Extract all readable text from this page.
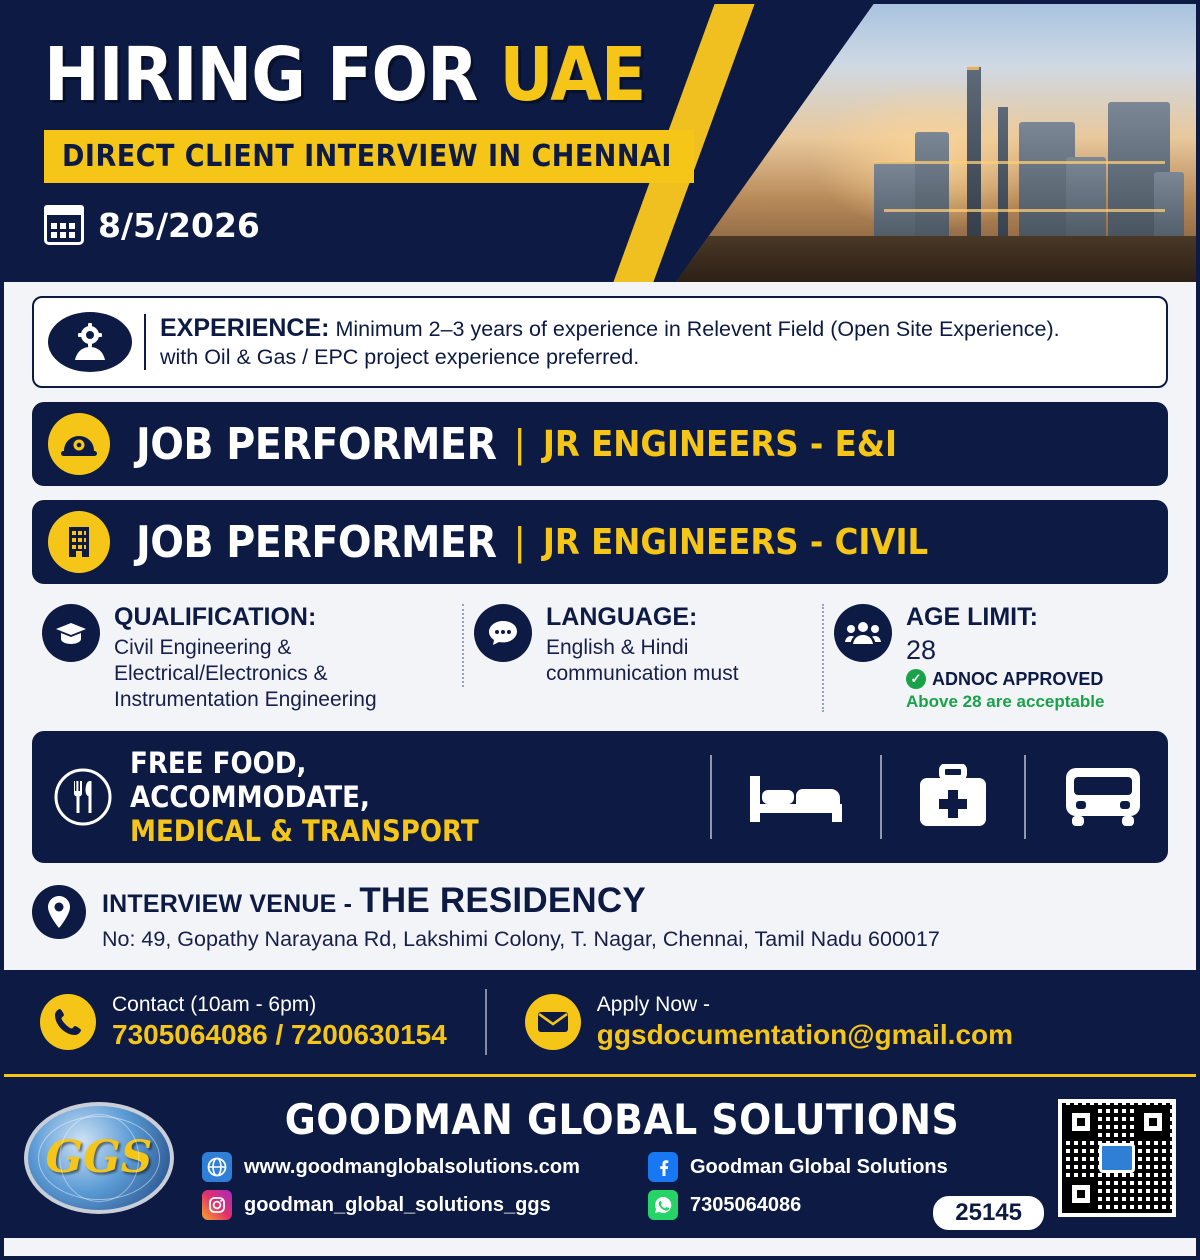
HIRING FOR UAE
DIRECT CLIENT INTERVIEW IN CHENNAI
8/5/2026
EXPERIENCE: Minimum 2–3 years of experience in Relevent Field (Open Site Experience).
with Oil & Gas / EPC project experience preferred.
JOB PERFORMER | JR ENGINEERS - E&I
JOB PERFORMER | JR ENGINEERS - CIVIL
QUALIFICATION:
Civil Engineering & Electrical/Electronics & Instrumentation Engineering
LANGUAGE:
English & Hindi communication must
AGE LIMIT:
28
✓ ADNOC APPROVED
Above 28 are acceptable
FREE FOOD,
ACCOMMODATE,
MEDICAL & TRANSPORT
INTERVIEW VENUE - THE RESIDENCY
No: 49, Gopathy Narayana Rd, Lakshimi Colony, T. Nagar, Chennai, Tamil Nadu 600017
Contact (10am - 6pm)
7305064086 / 7200630154
Apply Now -
ggsdocumentation@gmail.com
GGS
GOODMAN GLOBAL SOLUTIONS
www.goodmanglobalsolutions.com	Goodman Global Solutions
goodman_global_solutions_ggs	7305064086	25145
